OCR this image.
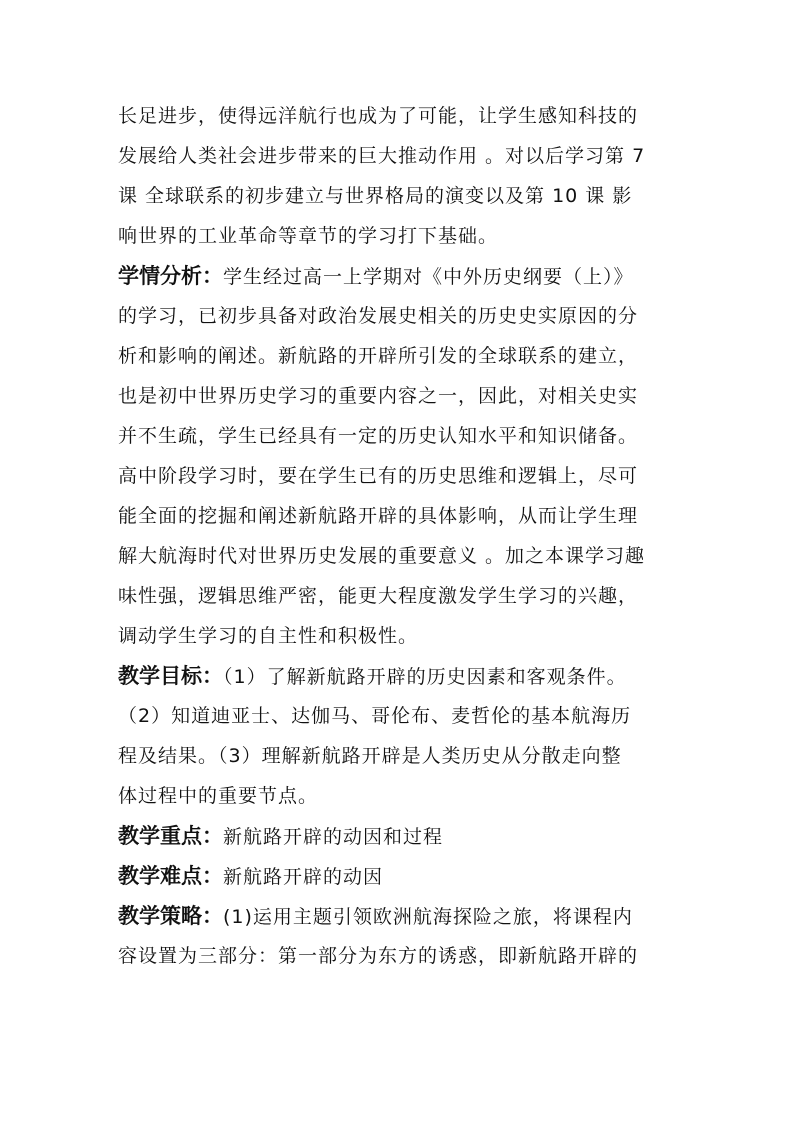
长足进步，使得远洋航行也成为了可能，让学生感知科技的
发展给人类社会进步带来的巨大推动作用 。对以后学习第 7
课 全球联系的初步建立与世界格局的演变以及第 10 课 影
响世界的工业革命等章节的学习打下基础。
学情分析：学生经过高一上学期对《中外历史纲要（上）》
的学习，已初步具备对政治发展史相关的历史史实原因的分
析和影响的阐述。新航路的开辟所引发的全球联系的建立，
也是初中世界历史学习的重要内容之一，因此，对相关史实
并不生疏，学生已经具有一定的历史认知水平和知识储备。
高中阶段学习时，要在学生已有的历史思维和逻辑上，尽可
能全面的挖掘和阐述新航路开辟的具体影响，从而让学生理
解大航海时代对世界历史发展的重要意义 。加之本课学习趣
味性强，逻辑思维严密，能更大程度激发学生学习的兴趣，
调动学生学习的自主性和积极性。
教学目标：（1）了解新航路开辟的历史因素和客观条件。
（2）知道迪亚士、达伽马、哥伦布、麦哲伦的基本航海历
程及结果。（3）理解新航路开辟是人类历史从分散走向整
体过程中的重要节点。
教学重点：新航路开辟的动因和过程
教学难点：新航路开辟的动因
教学策略：(1)运用主题引领欧洲航海探险之旅，将课程内
容设置为三部分：第一部分为东方的诱惑，即新航路开辟的
